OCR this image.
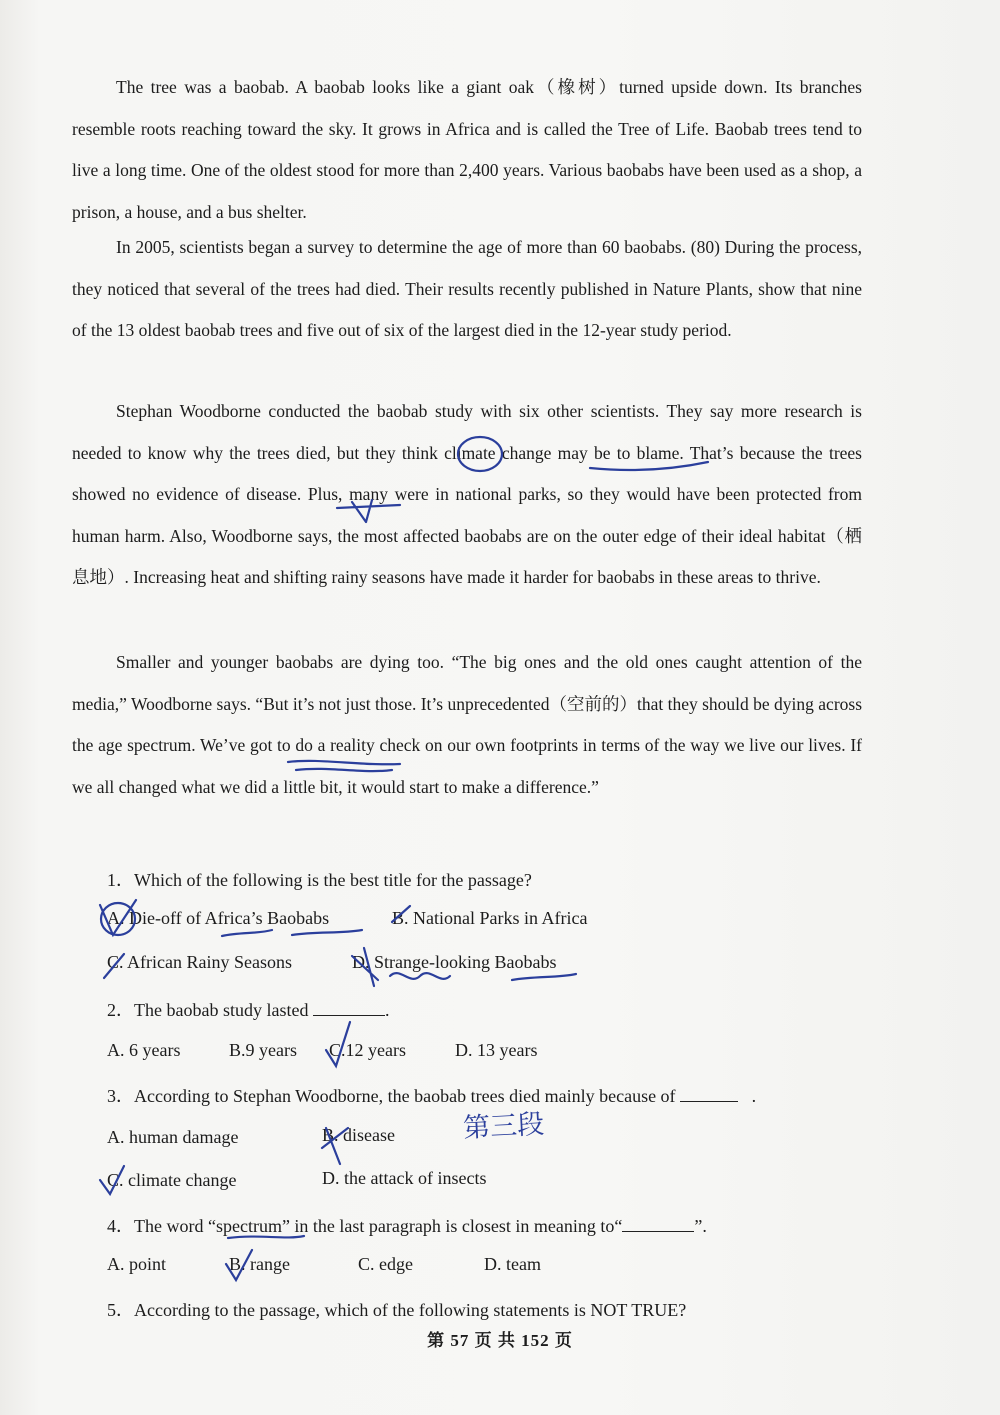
The tree was a baobab. A baobab looks like a giant oak（橡树）turned upside down. Its branches resemble roots reaching toward the sky. It grows in Africa and is called the Tree of Life. Baobab trees tend to live a long time. One of the oldest stood for more than 2,400 years. Various baobabs have been used as a shop, a prison, a house, and a bus shelter.

In 2005, scientists began a survey to determine the age of more than 60 baobabs. (80) During the process, they noticed that several of the trees had died. Their results recently published in Nature Plants, show that nine of the 13 oldest baobab trees and five out of six of the largest died in the 12-year study period.

Stephan Woodborne conducted the baobab study with six other scientists. They say more research is needed to know why the trees died, but they think climate change may be to blame. That’s because the trees showed no evidence of disease. Plus, many were in national parks, so they would have been protected from human harm. Also, Woodborne says, the most affected baobabs are on the outer edge of their ideal habitat（栖息地）. Increasing heat and shifting rainy seasons have made it harder for baobabs in these areas to thrive.

Smaller and younger baobabs are dying too. “The big ones and the old ones caught attention of the media,” Woodborne says. “But it’s not just those. It’s unprecedented（空前的）that they should be dying across the age spectrum. We’ve got to do a reality check on our own footprints in terms of the way we live our lives. If we all changed what we did a little bit, it would start to make a difference.”

1．Which of the following is the best title for the passage?
A. Die-off of Africa’s Baobabs	B. National Parks in Africa
C. African Rainy Seasons	D. Strange-looking Baobabs
2．The baobab study lasted	.
A. 6 years	B.9 years C.12 years	D. 13 years
3．According to Stephan Woodborne, the baobab trees died mainly because of	.
A. human damage	B. disease
C. climate change	D. the attack of insects
第三段
4．The word “spectrum” in the last paragraph is closest in meaning to“	”.
A. point	B. range	C. edge	D. team
5．According to the passage, which of the following statements is NOT TRUE?
第 57 页 共 152 页
